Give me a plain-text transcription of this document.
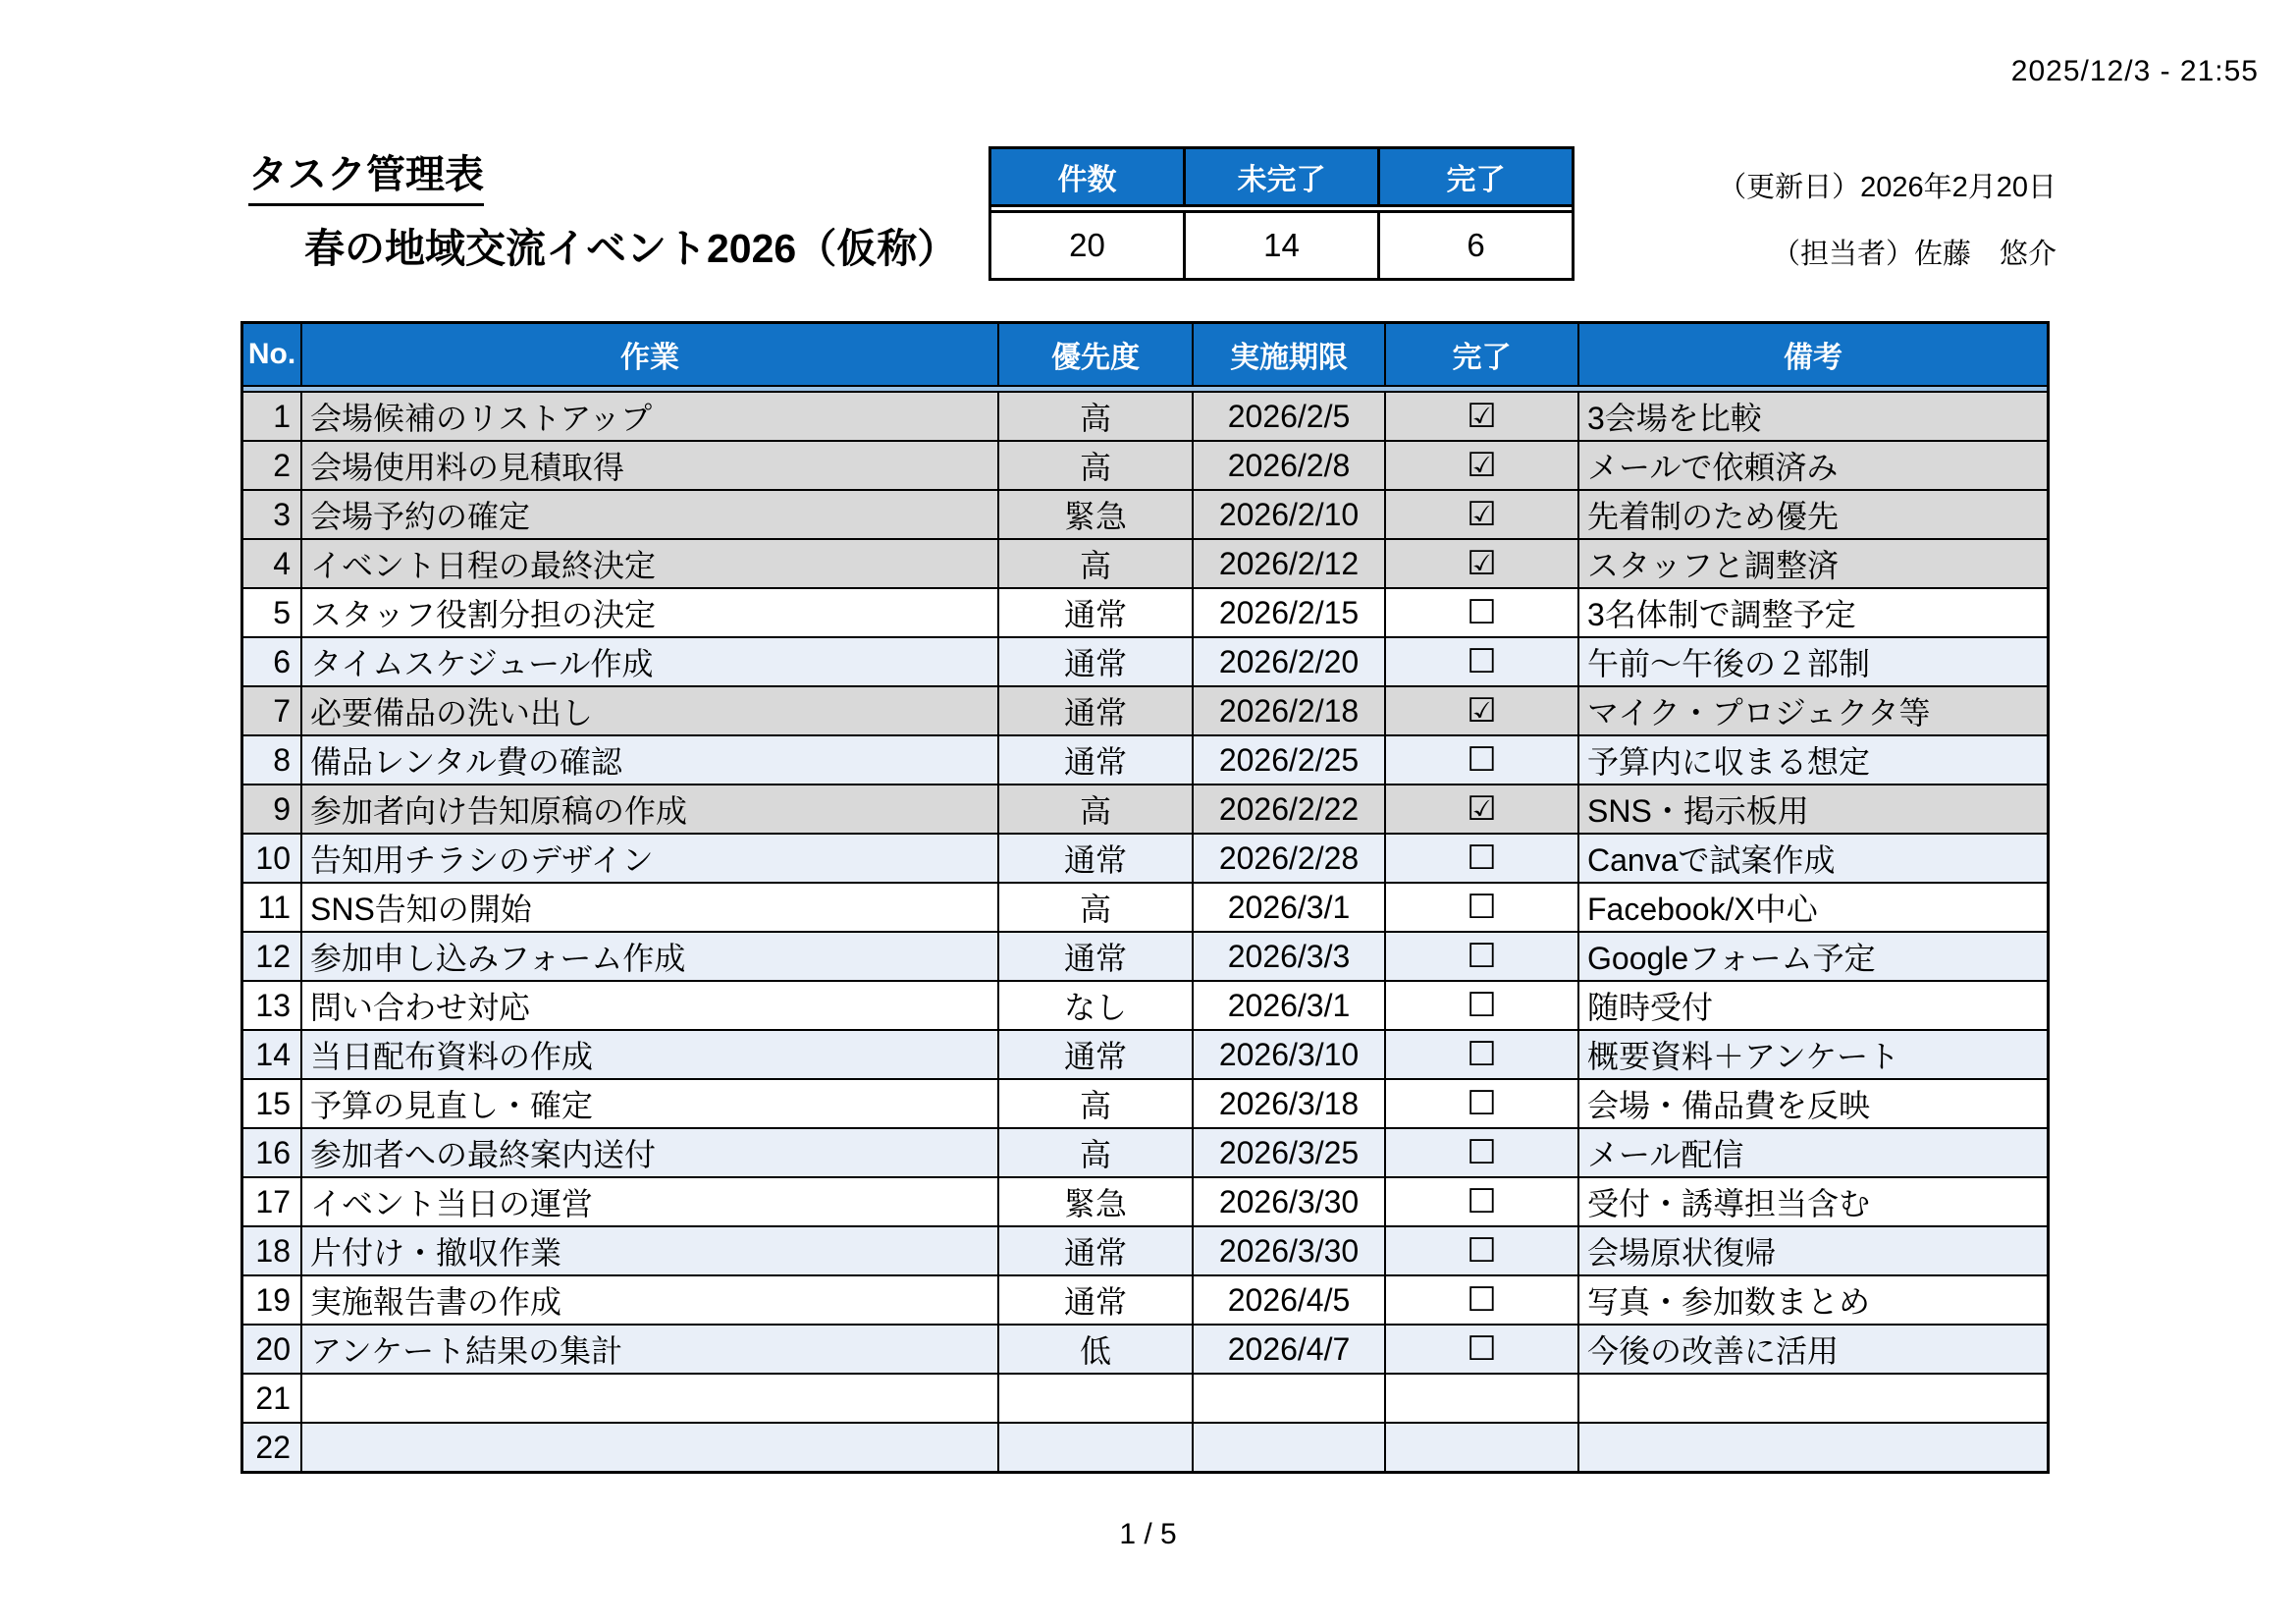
2025/12/3 - 21:55
タスク管理表
春の地域交流イベント2026（仮称）
件数	未完了	完了
20	14	6
（更新日）2026年2月20日
（担当者）佐藤　悠介
No.	作業	優先度	実施期限	完了	備考
1 会場候補のリストアップ	高	2026/2/5	☑	3会場を比較
2 会場使用料の見積取得	高	2026/2/8	☑	メールで依頼済み
3 会場予約の確定	緊急	2026/2/10	☑	先着制のため優先
4 イベント日程の最終決定	高	2026/2/12	☑	スタッフと調整済
5 スタッフ役割分担の決定	通常	2026/2/15	☐	3名体制で調整予定
6 タイムスケジュール作成	通常	2026/2/20	☐	午前～午後の２部制
7 必要備品の洗い出し	通常	2026/2/18	☑	マイク・プロジェクタ等
8 備品レンタル費の確認	通常	2026/2/25	☐	予算内に収まる想定
9 参加者向け告知原稿の作成	高	2026/2/22	☑	SNS・掲示板用
10 告知用チラシのデザイン	通常	2026/2/28	☐	Canvaで試案作成
11 SNS告知の開始	高	2026/3/1	☐	Facebook/X中心
12 参加申し込みフォーム作成	通常	2026/3/3	☐	Googleフォーム予定
13 問い合わせ対応	なし	2026/3/1	☐	随時受付
14 当日配布資料の作成	通常	2026/3/10	☐	概要資料＋アンケート
15 予算の見直し・確定	高	2026/3/18	☐	会場・備品費を反映
16 参加者への最終案内送付	高	2026/3/25	☐	メール配信
17 イベント当日の運営	緊急	2026/3/30	☐	受付・誘導担当含む
18 片付け・撤収作業	通常	2026/3/30	☐	会場原状復帰
19 実施報告書の作成	通常	2026/4/5	☐	写真・参加数まとめ
20 アンケート結果の集計	低	2026/4/7	☐	今後の改善に活用
21
22
1 / 5
